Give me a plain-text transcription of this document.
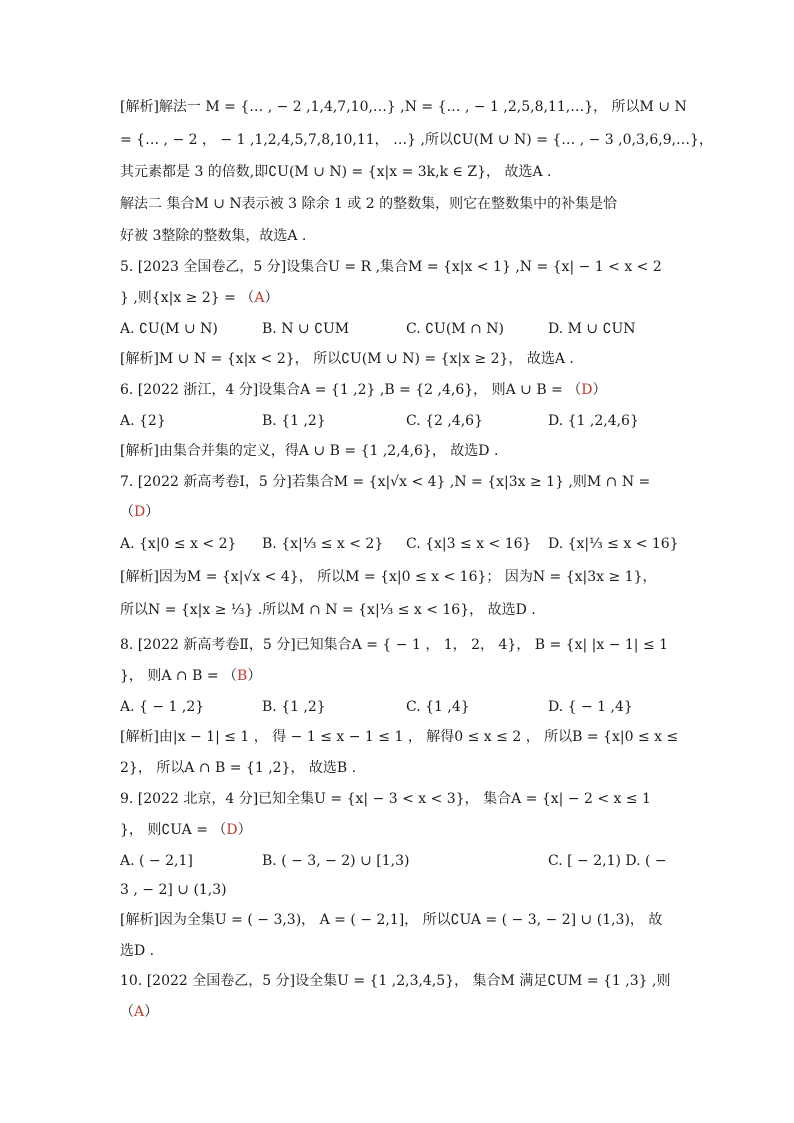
[解析]解法一 M = {… , − 2 ,1,4,7,10,…} ,N = {… , − 1 ,2,5,8,11,…}， 所以M ∪ N
= {… , − 2 ， − 1 ,1,2,4,5,7,8,10,11， …} ,所以∁U(M ∪ N) = {… , − 3 ,0,3,6,9,…}，
其元素都是 3 的倍数,即∁U(M ∪ N) = {x|x = 3k,k ∈ Z}， 故选A .
解法二 集合M ∪ N表示被 3 除余 1 或 2 的整数集，则它在整数集中的补集是恰
好被 3整除的整数集，故选A .
5. [2023 全国卷乙，5 分]设集合U = R ,集合M = {x|x < 1} ,N = {x| − 1 < x < 2
} ,则{x|x ≥ 2} = （A）
A. ∁U(M ∪ N)	B. N ∪ ∁UM	C. ∁U(M ∩ N)	D. M ∪ ∁UN
[解析]M ∪ N = {x|x < 2}， 所以∁U(M ∪ N) = {x|x ≥ 2}， 故选A .
6. [2022 浙江，4 分]设集合A = {1 ,2} ,B = {2 ,4,6}， 则A ∪ B = （D）
A. {2}	B. {1 ,2}	C. {2 ,4,6}	D. {1 ,2,4,6}
[解析]由集合并集的定义，得A ∪ B = {1 ,2,4,6}， 故选D .
7. [2022 新高考卷Ⅰ，5 分]若集合M = {x|√x < 4} ,N = {x|3x ≥ 1} ,则M ∩ N =
（D）
A. {x|0 ≤ x < 2} B. {x|⅓ ≤ x < 2} C. {x|3 ≤ x < 16} D. {x|⅓ ≤ x < 16}
[解析]因为M = {x|√x < 4}， 所以M = {x|0 ≤ x < 16}； 因为N = {x|3x ≥ 1}，
所以N = {x|x ≥ ⅓} .所以M ∩ N = {x|⅓ ≤ x < 16}， 故选D .
8. [2022 新高考卷Ⅱ，5 分]已知集合A = { − 1 ， 1， 2， 4}， B = {x| |x − 1| ≤ 1
}， 则A ∩ B = （B）
A. { − 1 ,2}	B. {1 ,2}	C. {1 ,4}	D. { − 1 ,4}
[解析]由|x − 1| ≤ 1 ， 得 − 1 ≤ x − 1 ≤ 1 ， 解得0 ≤ x ≤ 2 ， 所以B = {x|0 ≤ x ≤
2}， 所以A ∩ B = {1 ,2}， 故选B .
9. [2022 北京，4 分]已知全集U = {x| − 3 < x < 3}， 集合A = {x| − 2 < x ≤ 1
}， 则∁UA = （D）
A. ( − 2,1]	B. ( − 3, − 2) ∪ [1,3)	C. [ − 2,1) D. ( −
3 , − 2] ∪ (1,3)
[解析]因为全集U = ( − 3,3)， A = ( − 2,1]， 所以∁UA = ( − 3, − 2] ∪ (1,3)， 故
选D .
10. [2022 全国卷乙，5 分]设全集U = {1 ,2,3,4,5}， 集合M 满足∁UM = {1 ,3} ,则
（A）
